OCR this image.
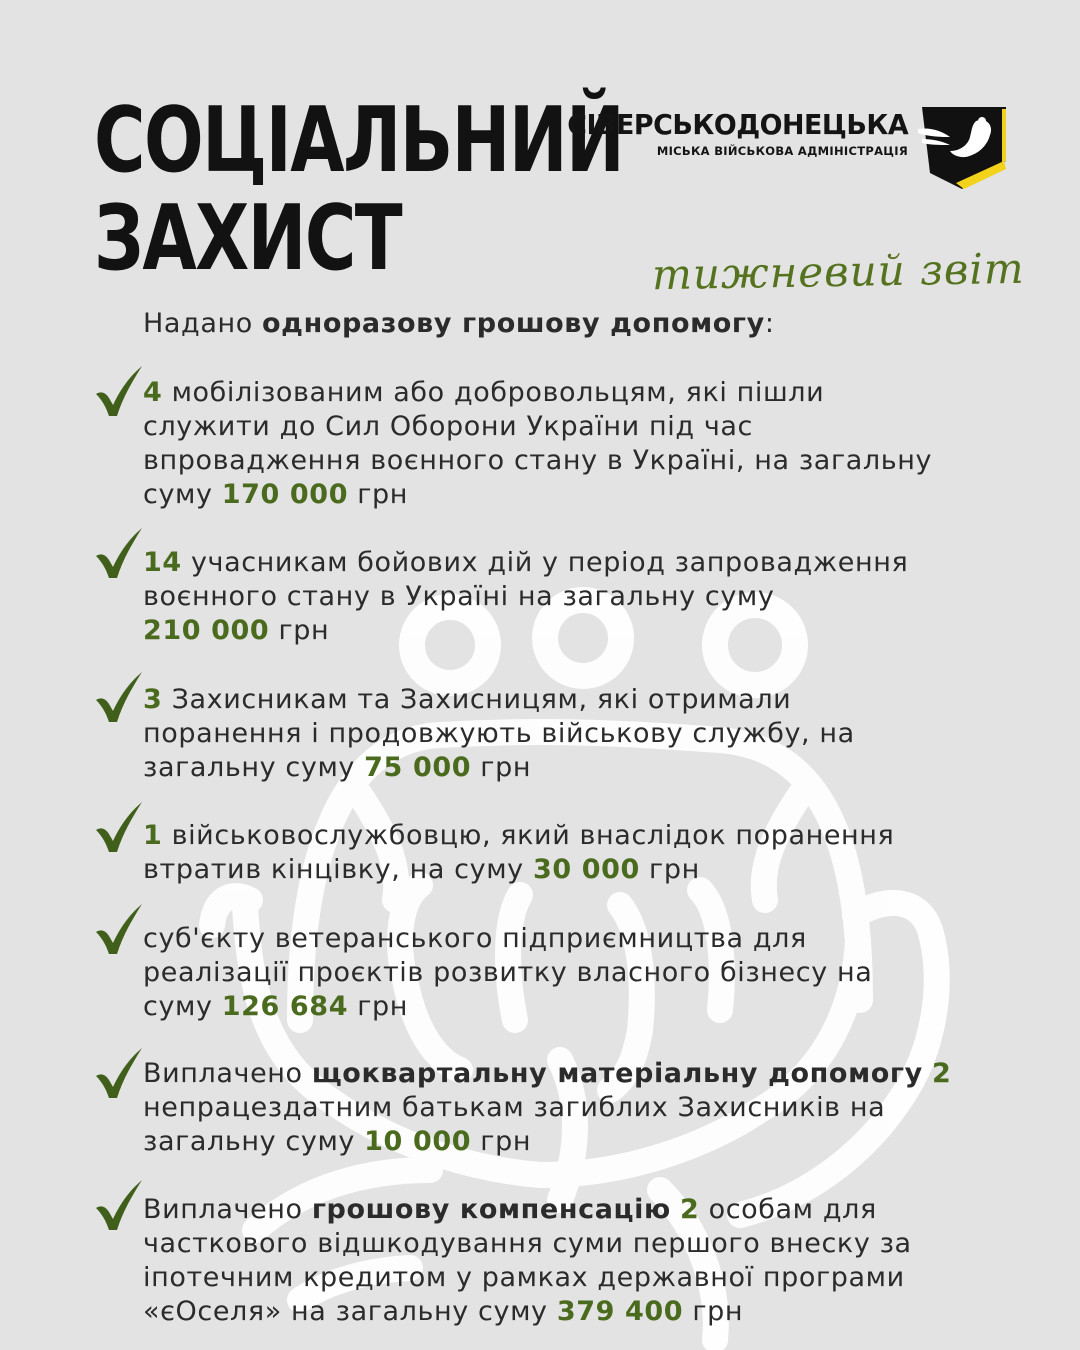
СОЦІАЛЬНИЙ
ЗАХИСТ
СІВЕРСЬКОДОНЕЦЬКА
МІСЬКА ВІЙСЬКОВА АДМІНІСТРАЦІЯ
тижневий звіт
Надано одноразову грошову допомогу:
4 мобілізованим або добровольцям, які пішли
служити до Сил Оборони України під час
впровадження воєнного стану в Україні, на загальну
суму 170 000 грн
14 учасникам бойових дій у період запровадження
воєнного стану в Україні на загальну суму
210 000 грн
3 Захисникам та Захисницям, які отримали
поранення і продовжують військову службу, на
загальну суму 75 000 грн
1 військовослужбовцю, який внаслідок поранення
втратив кінцівку, на суму 30 000 грн
суб'єкту ветеранського підприємництва для
реалізації проєктів розвитку власного бізнесу на
суму 126 684 грн
Виплачено щоквартальну матеріальну допомогу 2
непрацездатним батькам загиблих Захисників на
загальну суму 10 000 грн
Виплачено грошову компенсацію 2 особам для
часткового відшкодування суми першого внеску за
іпотечним кредитом у рамках державної програми
«єОселя» на загальну суму 379 400 грн
